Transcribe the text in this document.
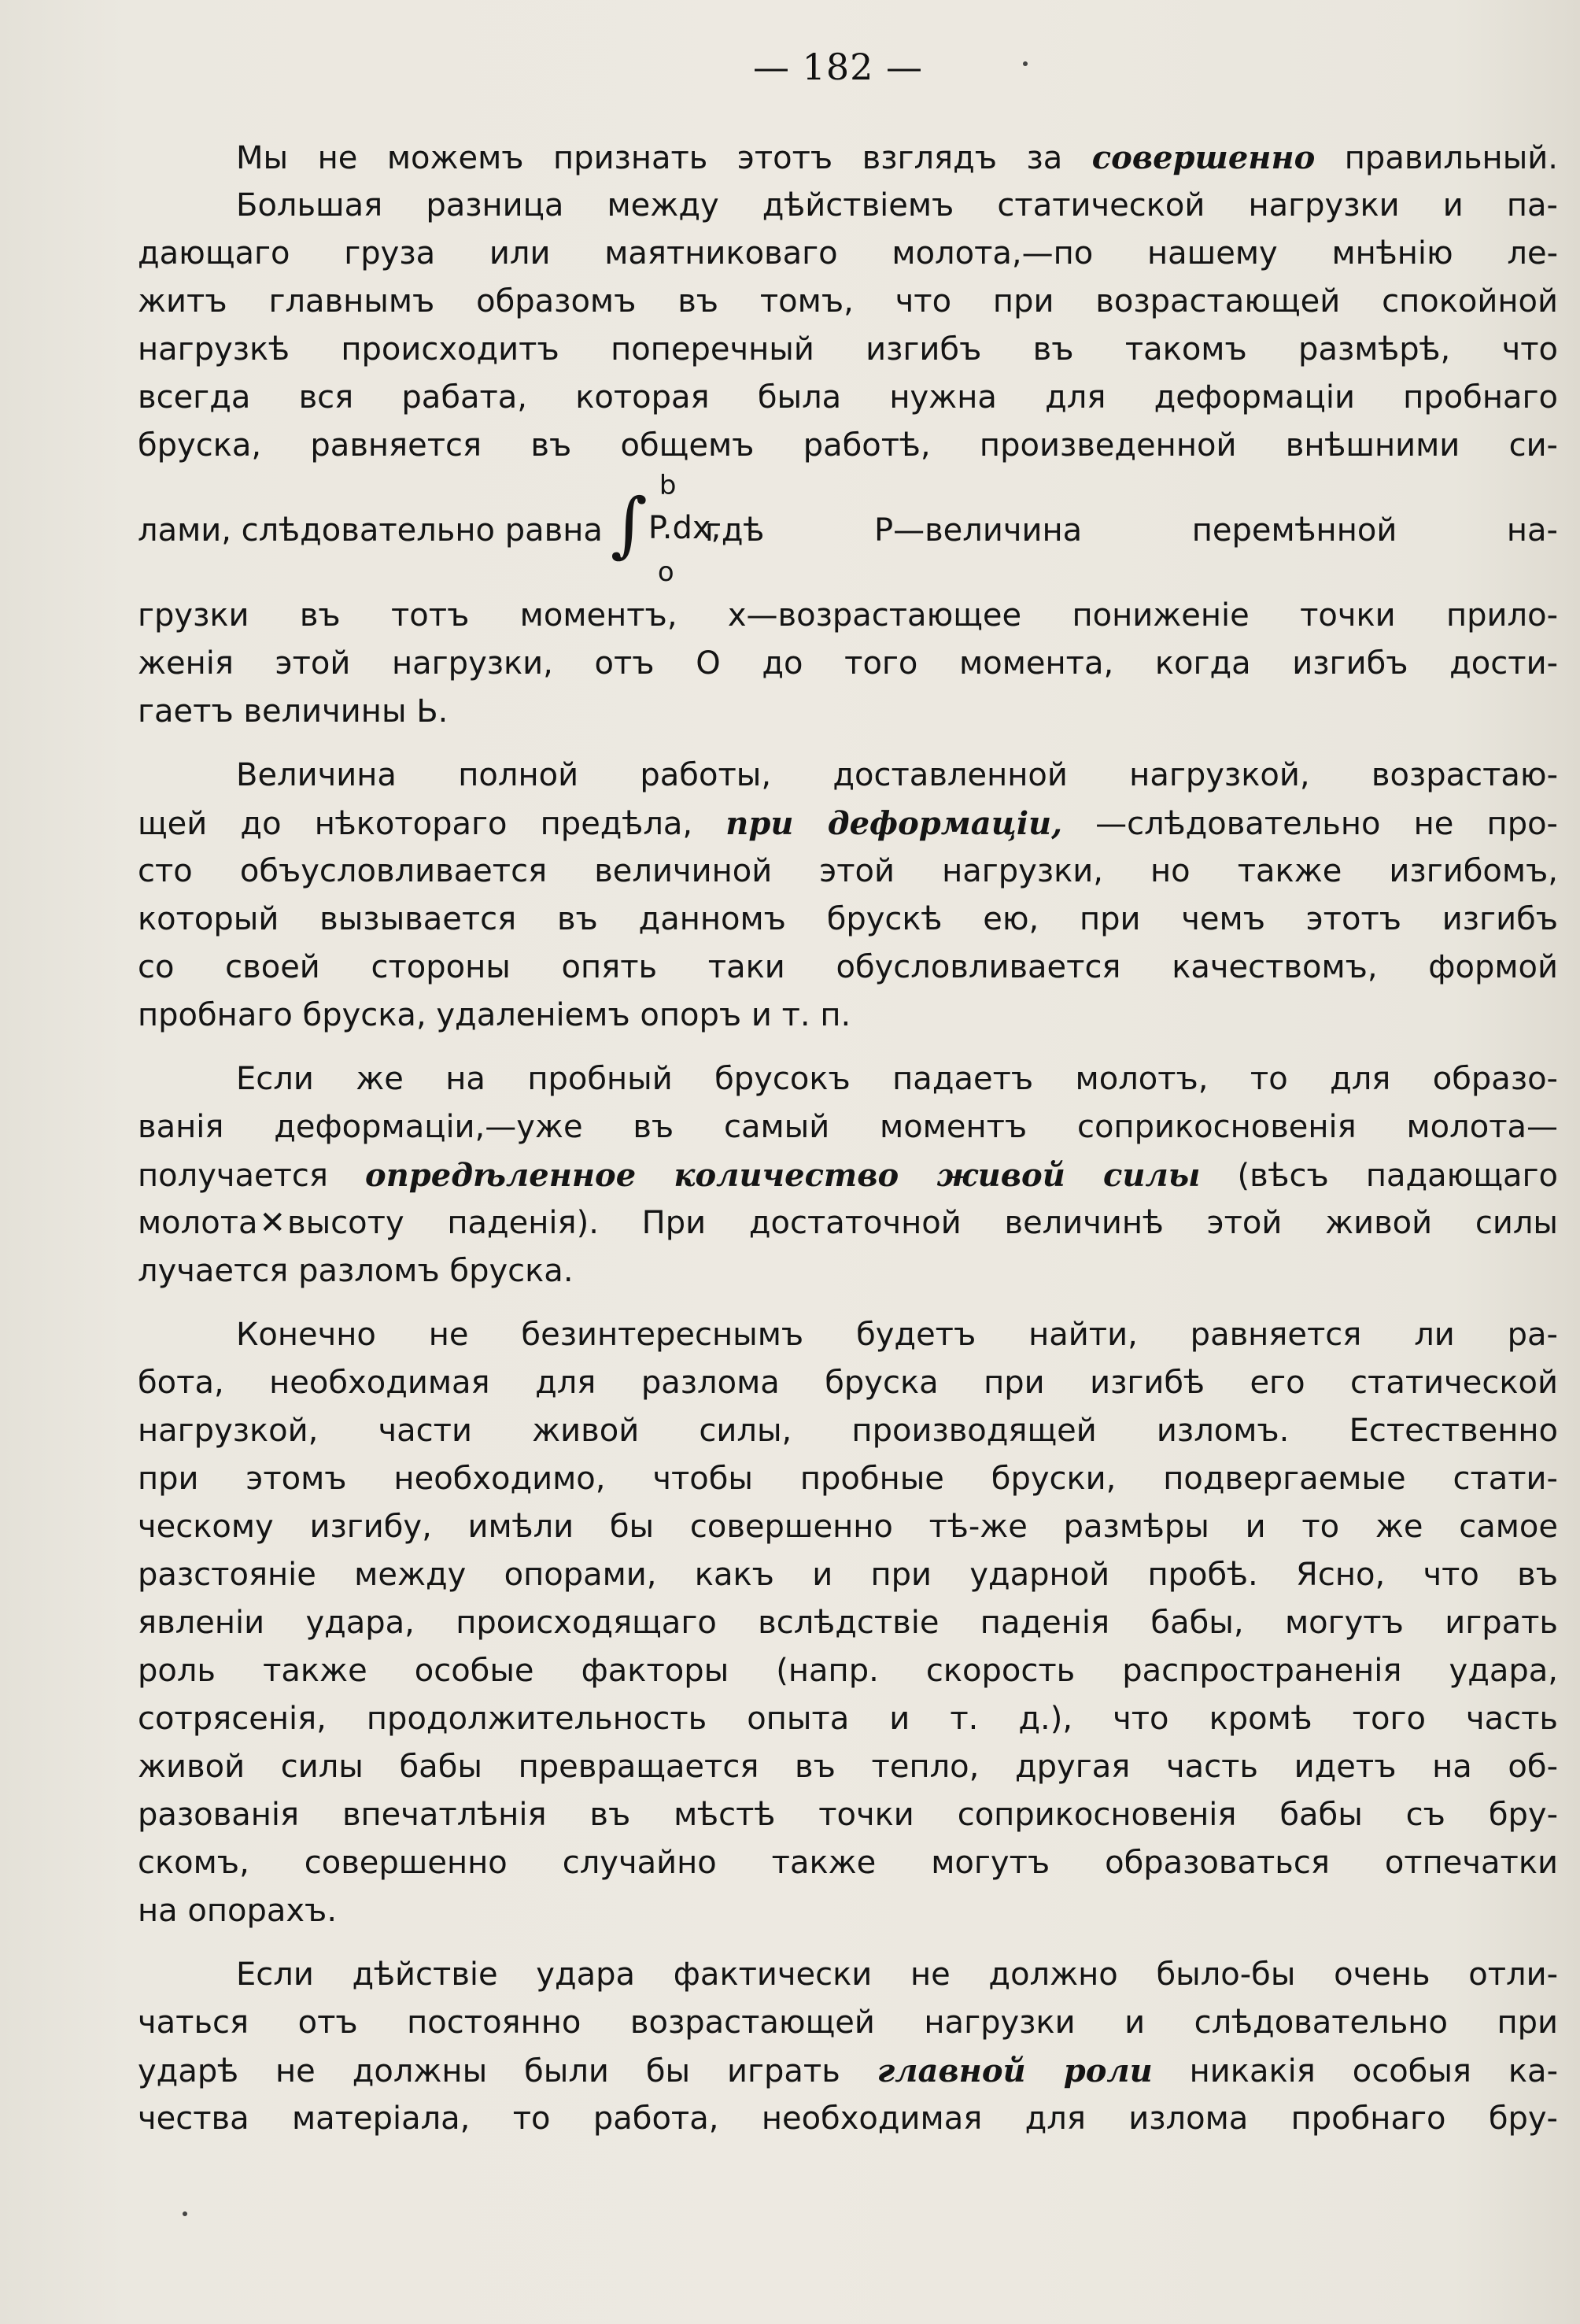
— 182 —
Мы не можемъ признать этотъ взглядъ за совершенно правильный.
Большая разница между дѣйствіемъ статической нагрузки и па-
дающаго груза или маятниковаго молота,—по нашему мнѣнію ле-
житъ главнымъ образомъ въ томъ, что при возрастающей спокойной
нагрузкѣ происходитъ поперечный изгибъ въ такомъ размѣрѣ, что
всегда вся рабата, которая была нужна для деформаціи пробнаго
бруска, равняется въ общемъ работѣ, произведенной внѣшними си-
лами, слѣдовательно равна ∫ b
P.dx,
o
гдѣ P—величина перемѣнной на-
грузки въ тотъ моментъ, x—возрастающее пониженіе точки прило-
женія этой нагрузки, отъ O до того момента, когда изгибъ дости-
гаетъ величины Ь.
Величина полной работы, доставленной нагрузкой, возрастаю-
щей до нѣкотораго предѣла, при деформаціи, —слѣдовательно не про-
сто объусловливается величиной этой нагрузки, но также изгибомъ,
который вызывается въ данномъ брускѣ ею, при чемъ этотъ изгибъ
со своей стороны опять таки обусловливается качествомъ, формой
пробнаго бруска, удаленіемъ опоръ и т. п.
Если же на пробный брусокъ падаетъ молотъ, то для образо-
ванія деформаціи,—уже въ самый моментъ соприкосновенія молота—
получается опредѣленное количество живой силы (вѣсъ падающаго
молота✕высоту паденія). При достаточной величинѣ этой живой силы
лучается разломъ бруска.
Конечно не безинтереснымъ будетъ найти, равняется ли ра-
бота, необходимая для разлома бруска при изгибѣ его статической
нагрузкой, части живой силы, производящей изломъ. Естественно
при этомъ необходимо, чтобы пробные бруски, подвергаемые стати-
ческому изгибу, имѣли бы совершенно тѣ-же размѣры и то же самое
разстояніе между опорами, какъ и при ударной пробѣ. Ясно, что въ
явленіи удара, происходящаго вслѣдствіе паденія бабы, могутъ играть
роль также особые факторы (напр. скорость распространенія удара,
сотрясенія, продолжительность опыта и т. д.), что кромѣ того часть
живой силы бабы превращается въ тепло, другая часть идетъ на об-
разованія впечатлѣнія въ мѣстѣ точки соприкосновенія бабы съ бру-
скомъ, совершенно случайно также могутъ образоваться отпечатки
на опорахъ.
Если дѣйствіе удара фактически не должно было-бы очень отли-
чаться отъ постоянно возрастающей нагрузки и слѣдовательно при
ударѣ не должны были бы играть главной роли никакія особыя ка-
чества матеріала, то работа, необходимая для излома пробнаго бру-
